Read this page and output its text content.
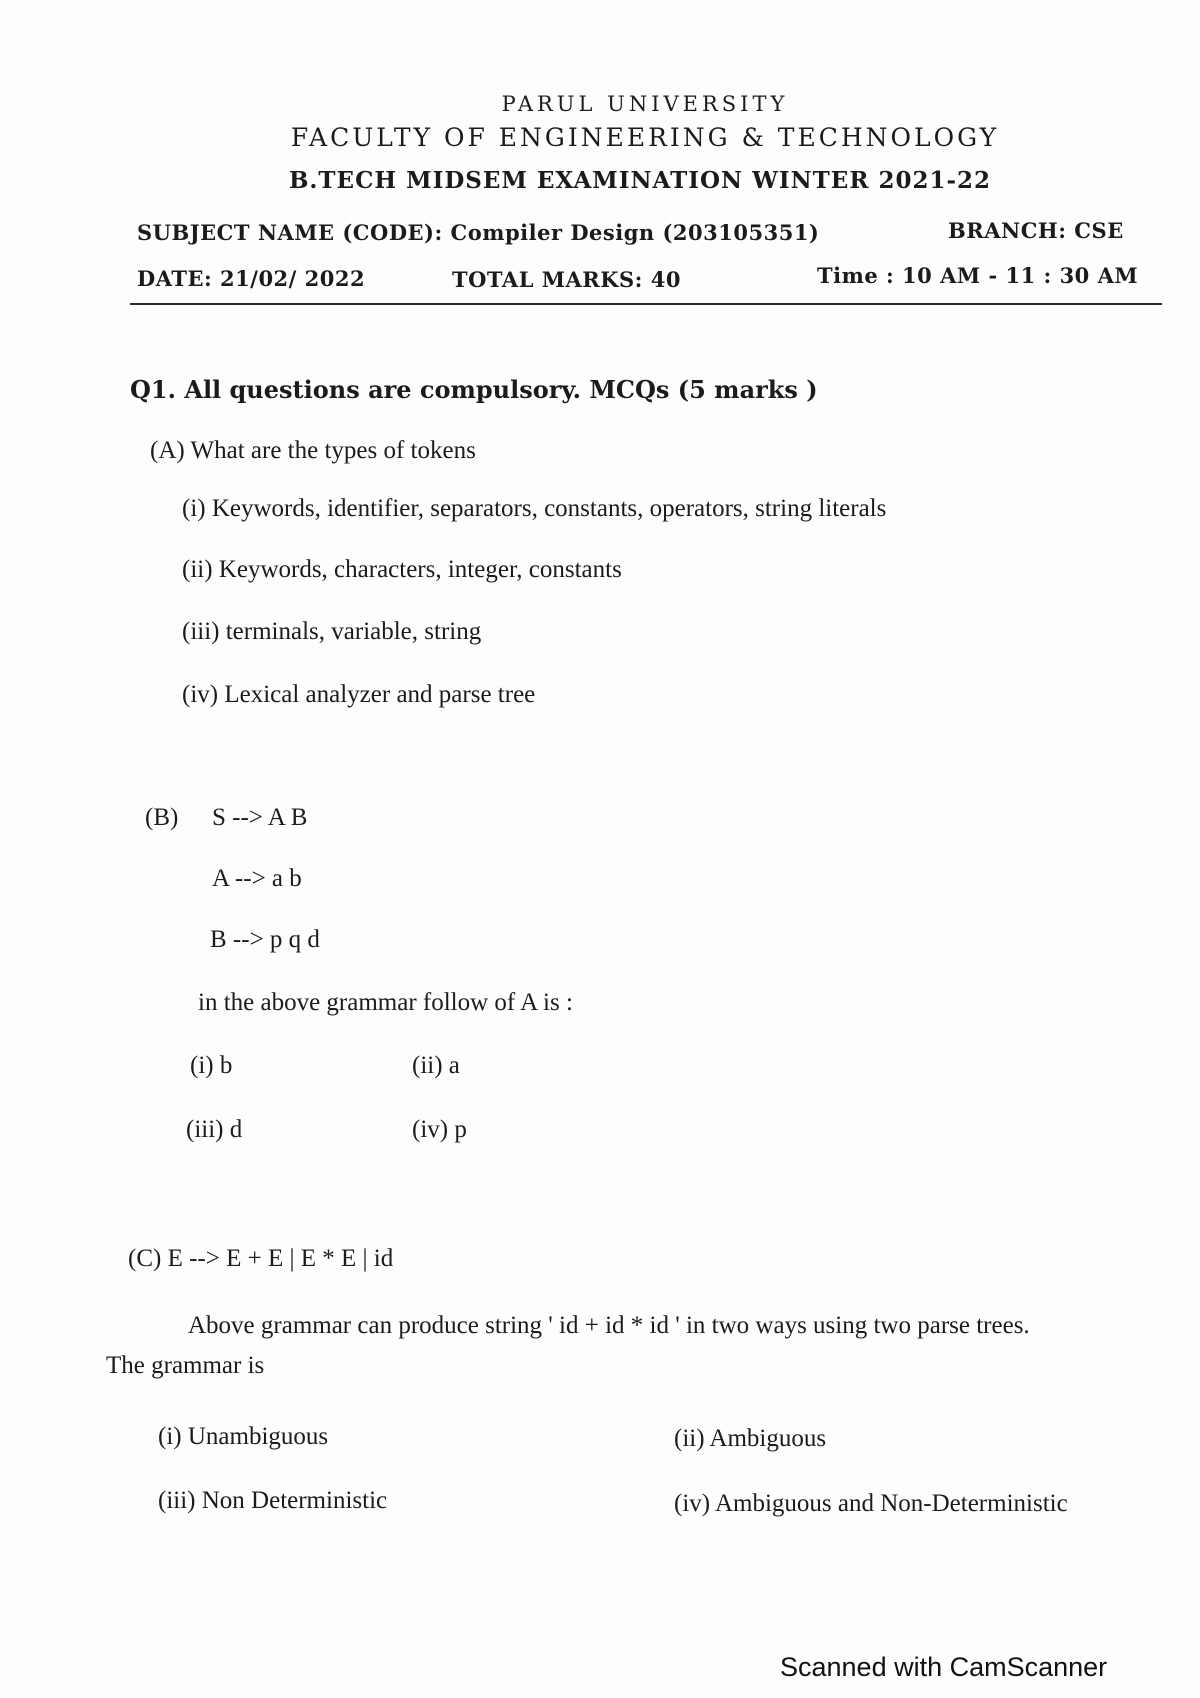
PARUL UNIVERSITY
FACULTY OF ENGINEERING & TECHNOLOGY
B.TECH MIDSEM EXAMINATION WINTER 2021-22
SUBJECT NAME (CODE): Compiler Design (203105351)	BRANCH: CSE
DATE: 21/02/ 2022	TOTAL MARKS: 40	Time : 10 AM - 11 : 30 AM
Q1. All questions are compulsory. MCQs (5 marks )
(A) What are the types of tokens
(i) Keywords, identifier, separators, constants, operators, string literals
(ii) Keywords, characters, integer, constants
(iii) terminals, variable, string
(iv) Lexical analyzer and parse tree
(B) S --> A B
A --> a b
B --> p q d
in the above grammar follow of A is :
(i) b	(ii) a
(iii) d	(iv) p
(C) E --> E + E | E * E | id
Above grammar can produce string ' id + id * id ' in two ways using two parse trees.
The grammar is
(i) Unambiguous	(ii) Ambiguous
(iii) Non Deterministic	(iv) Ambiguous and Non-Deterministic
Scanned with CamScanner
